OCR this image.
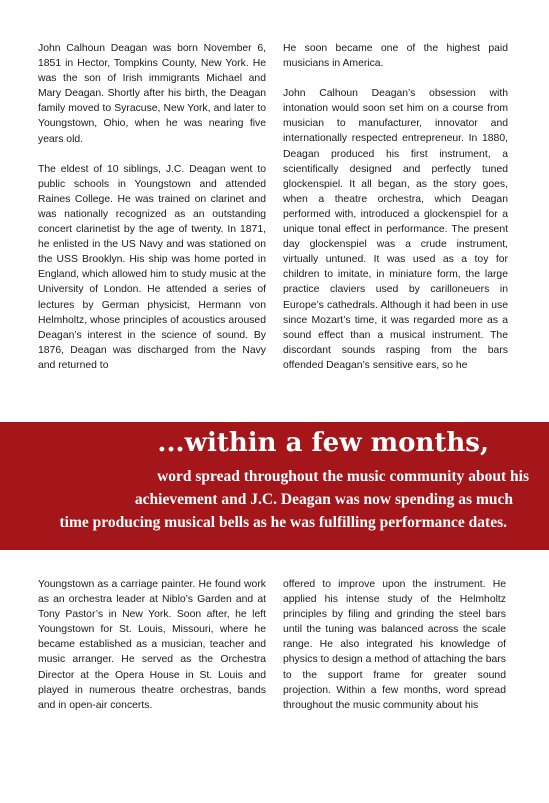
John Calhoun Deagan was born November 6, 1851 in Hector, Tompkins County, New York. He was the son of Irish immigrants Michael and Mary Deagan. Shortly after his birth, the Deagan family moved to Syracuse, New York, and later to Youngstown, Ohio, when he was nearing five years old.

The eldest of 10 siblings, J.C. Deagan went to public schools in Youngstown and attended Raines College. He was trained on clarinet and was nationally recognized as an outstanding concert clarinetist by the age of twenty. In 1871, he enlisted in the US Navy and was stationed on the USS Brooklyn. His ship was home ported in England, which allowed him to study music at the University of London. He attended a series of lectures by German physicist, Hermann von Helmholtz, whose principles of acoustics aroused Deagan’s interest in the science of sound. By 1876, Deagan was discharged from the Navy and returned to

He soon became one of the highest paid musicians in America.

John Calhoun Deagan’s obsession with intonation would soon set him on a course from musician to manufacturer, innovator and internationally respected entrepreneur. In 1880, Deagan produced his first instrument, a scientifically designed and perfectly tuned glockenspiel. It all began, as the story goes, when a theatre orchestra, which Deagan performed with, introduced a glockenspiel for a unique tonal effect in performance. The present day glockenspiel was a crude instrument, virtually untuned. It was used as a toy for children to imitate, in miniature form, the large practice claviers used by carilloneuers in Europe’s cathedrals. Although it had been in use since Mozart’s time, it was regarded more as a sound effect than a musical instrument. The discordant sounds rasping from the bars offended Deagan’s sensitive ears, so he

...within a few months,

word spread throughout the music community about his

achievement and J.C. Deagan was now spending as much

time producing musical bells as he was fulfilling performance dates.

Youngstown as a carriage painter. He found work as an orchestra leader at Niblo’s Garden and at Tony Pastor’s in New York. Soon after, he left Youngstown for St. Louis, Missouri, where he became established as a musician, teacher and music arranger. He served as the Orchestra Director at the Opera House in St. Louis and played in numerous theatre orchestras, bands and in open-air concerts.

offered to improve upon the instrument. He applied his intense study of the Helmholtz principles by filing and grinding the steel bars until the tuning was balanced across the scale range. He also integrated his knowledge of physics to design a method of attaching the bars to the support frame for greater sound projection. Within a few months, word spread throughout the music community about his
